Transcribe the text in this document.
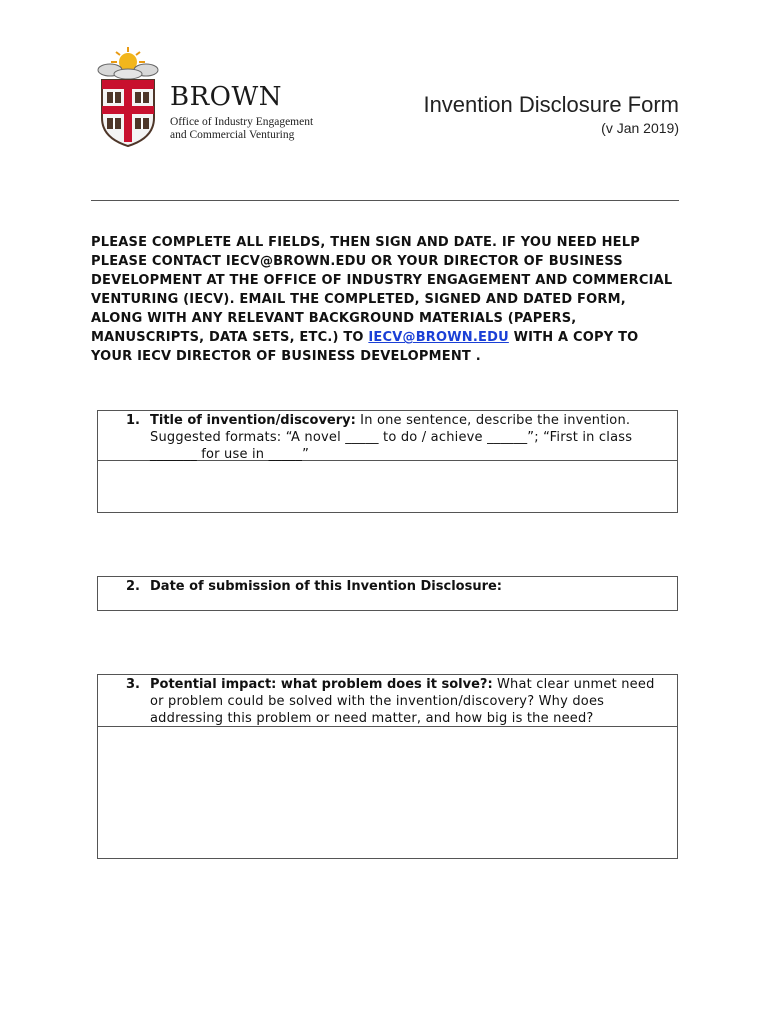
BROWN
Office of Industry Engagement
and Commercial Venturing
Invention Disclosure Form
(v Jan 2019)
PLEASE COMPLETE ALL FIELDS, THEN SIGN AND DATE. IF YOU NEED HELP PLEASE CONTACT IECV@BROWN.EDU OR YOUR DIRECTOR OF BUSINESS DEVELOPMENT AT THE OFFICE OF INDUSTRY ENGAGEMENT AND COMMERCIAL VENTURING (IECV). EMAIL THE COMPLETED, SIGNED AND DATED FORM, ALONG WITH ANY RELEVANT BACKGROUND MATERIALS (PAPERS, MANUSCRIPTS, DATA SETS, ETC.) TO IECV@BROWN.EDU WITH A COPY TO YOUR IECV DIRECTOR OF BUSINESS DEVELOPMENT .
1. Title of invention/discovery: In one sentence, describe the invention. Suggested formats: “A novel _____ to do / achieve ______”; “First in class _______ for use in _____”
2. Date of submission of this Invention Disclosure:
3. Potential impact: what problem does it solve?: What clear unmet need or problem could be solved with the invention/discovery? Why does addressing this problem or need matter, and how big is the need?
